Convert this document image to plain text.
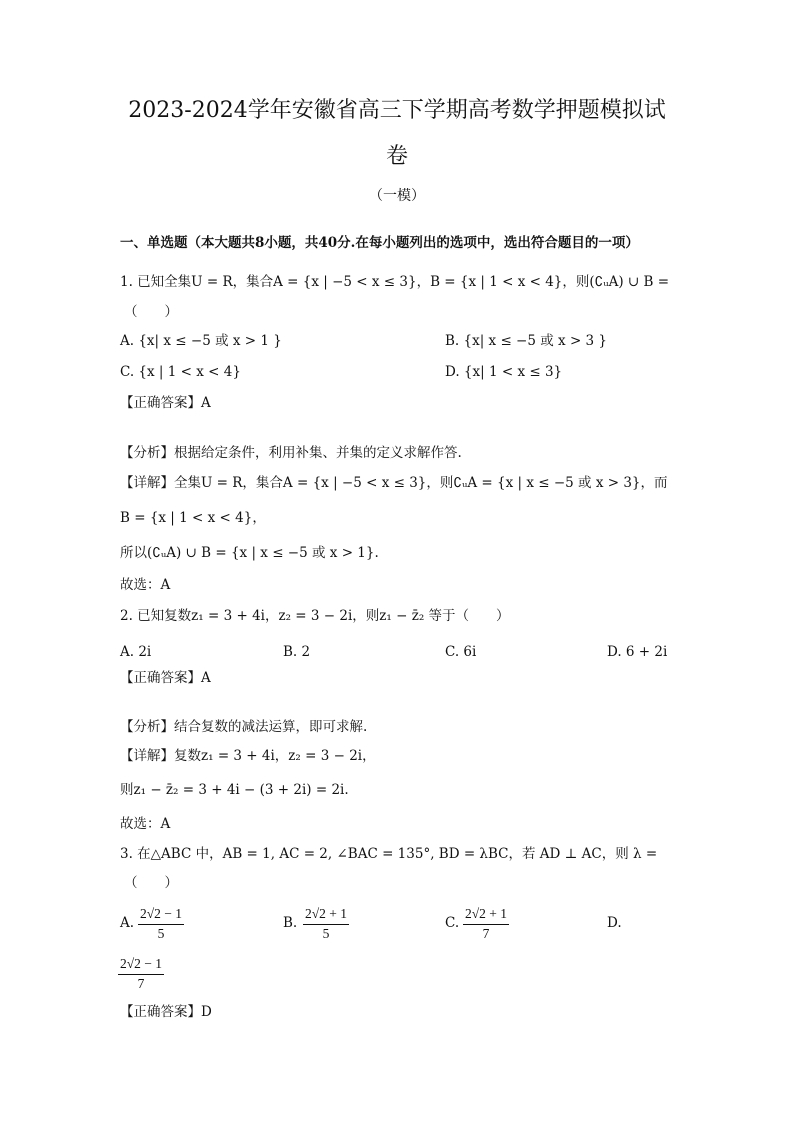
2023-2024学年安徽省高三下学期高考数学押题模拟试
卷
（一模）
一、单选题（本大题共8小题，共40分.在每小题列出的选项中，选出符合题目的一项）
1. 已知全集U = R，集合A = {x | −5 < x ≤ 3}，B = {x | 1 < x < 4}，则(∁ᵤA) ∪ B =
（　　）
A. {x| x ≤ −5 或 x > 1 }	B. {x| x ≤ −5 或 x > 3 }
C. {x | 1 < x < 4}	D. {x| 1 < x ≤ 3}
【正确答案】A
【分析】根据给定条件，利用补集、并集的定义求解作答.
【详解】全集U = R，集合A = {x | −5 < x ≤ 3}，则∁ᵤA = {x | x ≤ −5 或 x > 3}，而
B = {x | 1 < x < 4}，
所以(∁ᵤA) ∪ B = {x | x ≤ −5 或 x > 1}.
故选：A
2. 已知复数z₁ = 3 + 4i，z₂ = 3 − 2i，则z₁ − z̄₂ 等于（　　）
A. 2i	B. 2	C. 6i	D. 6 + 2i
【正确答案】A
【分析】结合复数的减法运算，即可求解.
【详解】复数z₁ = 3 + 4i，z₂ = 3 − 2i，
则z₁ − z̄₂ = 3 + 4i − (3 + 2i) = 2i.
故选：A
3. 在△ABC 中，AB = 1, AC = 2, ∠BAC = 135°, BD = λBC，若 AD ⊥ AC，则 λ =
（　　）
A. $\frac{2√2 - 1}{5}$	B. $\frac{2√2 + 1}{5}$	C. $\frac{2√2 + 1}{7}$	D.
$\frac{2√2 - 1}{7}$
【正确答案】D
